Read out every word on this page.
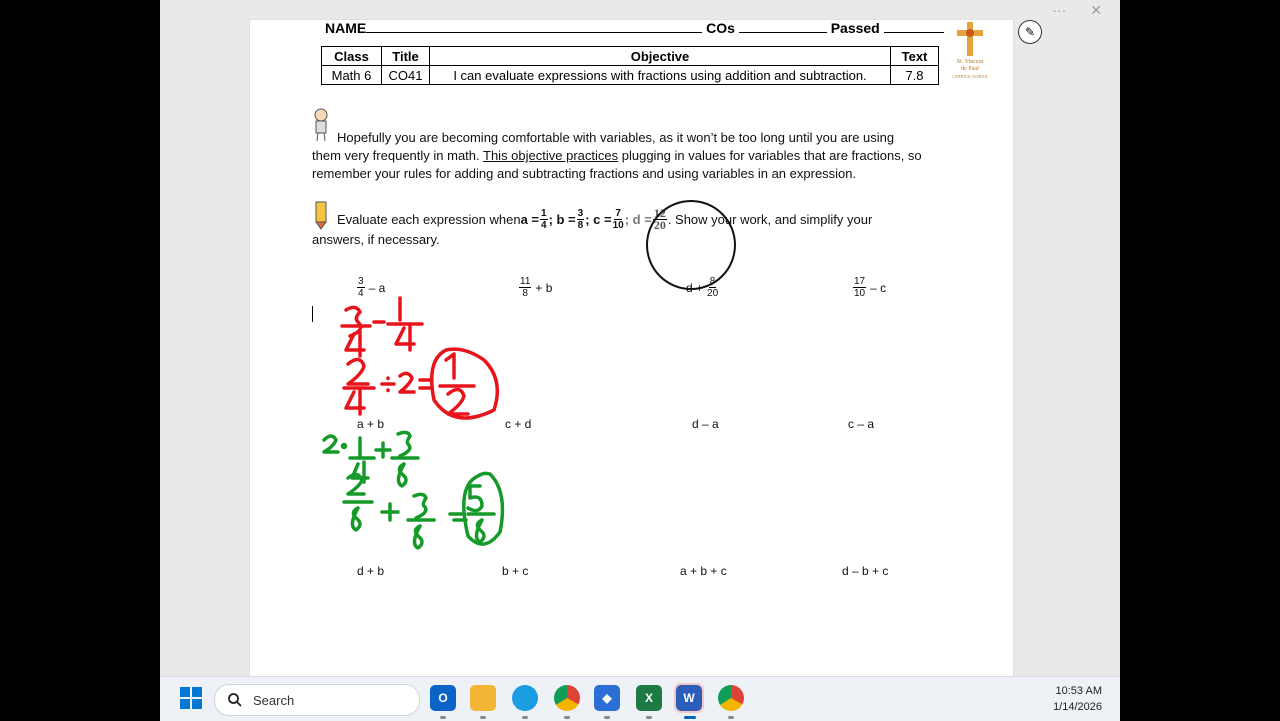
··· ✕
✎
NAME	COs	Passed
Class	Title	Objective	Text
Math 6	CO41	I can evaluate expressions with fractions using addition and subtraction.	7.8
St. Vincent
de Paul
CATHOLIC SCHOOL
Hopefully you are becoming comfortable with variables, as it won’t be too long until you are using
them very frequently in math. This objective practices plugging in values for variables that are fractions, so
remember your rules for adding and subtracting fractions and using variables in an expression.
Evaluate each expression when $a = \frac{1}{4}$ ; $b = \frac{3}{8}$ ; $c = \frac{7}{10}$ ; $d = \frac{12}{20}$ . Show your work, and simplify your
answers, if necessary.
$\frac{3}{4}$ – a	$\frac{11}{8} + b$	$d + \frac{8}{20}$	$\frac{17}{10}$ – c
a + b	c + d	d – a	c – a
d + b	b + c	a + b + c	d – b + c
Search	O	◆	X	W	10:53 AM
1/14/2026
